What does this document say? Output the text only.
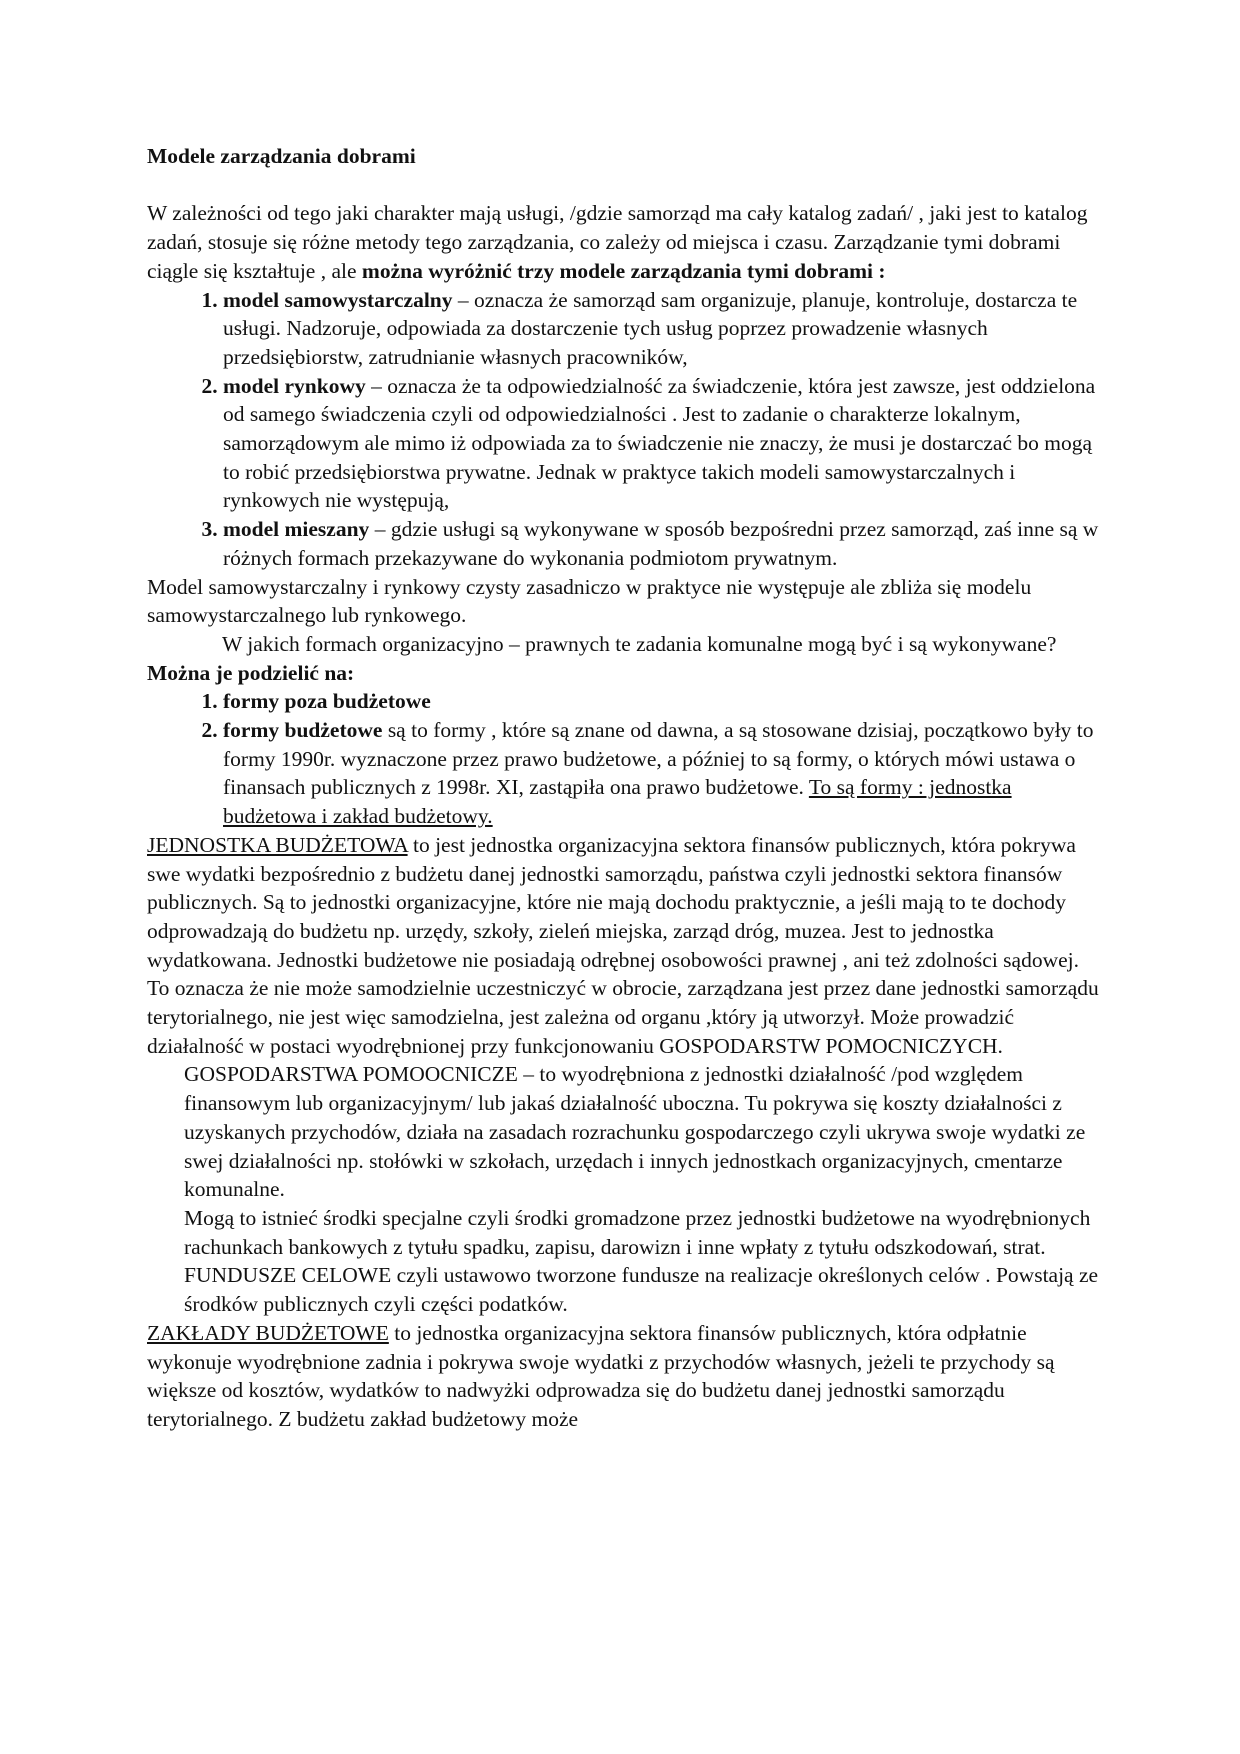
Modele zarządzania dobrami

W zależności od tego jaki charakter mają usługi, /gdzie samorząd ma cały katalog zadań/ , jaki jest to katalog zadań, stosuje się różne metody tego zarządzania, co zależy od miejsca i czasu. Zarządzanie tymi dobrami ciągle się kształtuje , ale można wyróżnić trzy modele zarządzania tymi dobrami :

1. model samowystarczalny – oznacza że samorząd sam organizuje, planuje, kontroluje, dostarcza te usługi. Nadzoruje, odpowiada za dostarczenie tych usług poprzez prowadzenie własnych przedsiębiorstw, zatrudnianie własnych pracowników,
2. model rynkowy – oznacza że ta odpowiedzialność za świadczenie, która jest zawsze, jest oddzielona od samego świadczenia czyli od odpowiedzialności . Jest to zadanie o charakterze lokalnym, samorządowym ale mimo iż odpowiada za to świadczenie nie znaczy, że musi je dostarczać bo mogą to robić przedsiębiorstwa prywatne. Jednak w praktyce takich modeli samowystarczalnych i rynkowych nie występują,
3. model mieszany – gdzie usługi są wykonywane w sposób bezpośredni przez samorząd, zaś inne są w różnych formach przekazywane do wykonania podmiotom prywatnym.

Model samowystarczalny i rynkowy czysty zasadniczo w praktyce nie występuje ale zbliża się modelu samowystarczalnego lub rynkowego.

W jakich formach organizacyjno – prawnych te zadania komunalne mogą być i są wykonywane? Można je podzielić na:

1. formy poza budżetowe
2. formy budżetowe są to formy , które są znane od dawna, a są stosowane dzisiaj, początkowo były to formy 1990r. wyznaczone przez prawo budżetowe, a później to są formy, o których mówi ustawa o finansach publicznych z 1998r. XI, zastąpiła ona prawo budżetowe. To są formy : jednostka budżetowa i zakład budżetowy.

JEDNOSTKA BUDŻETOWA to jest jednostka organizacyjna sektora finansów publicznych, która pokrywa swe wydatki bezpośrednio z budżetu danej jednostki samorządu, państwa czyli jednostki sektora finansów publicznych. Są to jednostki organizacyjne, które nie mają dochodu praktycznie, a jeśli mają to te dochody odprowadzają do budżetu np. urzędy, szkoły, zieleń miejska, zarząd dróg, muzea. Jest to jednostka wydatkowana. Jednostki budżetowe nie posiadają odrębnej osobowości prawnej , ani też zdolności sądowej. To oznacza że nie może samodzielnie uczestniczyć w obrocie, zarządzana jest przez dane jednostki samorządu terytorialnego, nie jest więc samodzielna, jest zależna od organu ,który ją utworzył. Może prowadzić działalność w postaci wyodrębnionej przy funkcjonowaniu GOSPODARSTW POMOCNICZYCH.

GOSPODARSTWA POMOOCNICZE – to wyodrębniona z jednostki działalność /pod względem finansowym lub organizacyjnym/ lub jakaś działalność uboczna. Tu pokrywa się koszty działalności z uzyskanych przychodów, działa na zasadach rozrachunku gospodarczego czyli ukrywa swoje wydatki ze swej działalności np. stołówki w szkołach, urzędach i innych jednostkach organizacyjnych, cmentarze komunalne.

Mogą to istnieć środki specjalne czyli środki gromadzone przez jednostki budżetowe na wyodrębnionych rachunkach bankowych z tytułu spadku, zapisu, darowizn i inne wpłaty z tytułu odszkodowań, strat.

FUNDUSZE CELOWE czyli ustawowo tworzone fundusze na realizacje określonych celów . Powstają ze środków publicznych czyli części podatków.

ZAKŁADY BUDŻETOWE to jednostka organizacyjna sektora finansów publicznych, która odpłatnie wykonuje wyodrębnione zadnia i pokrywa swoje wydatki z przychodów własnych, jeżeli te przychody są większe od kosztów, wydatków to nadwyżki odprowadza się do budżetu danej jednostki samorządu terytorialnego. Z budżetu zakład budżetowy może
